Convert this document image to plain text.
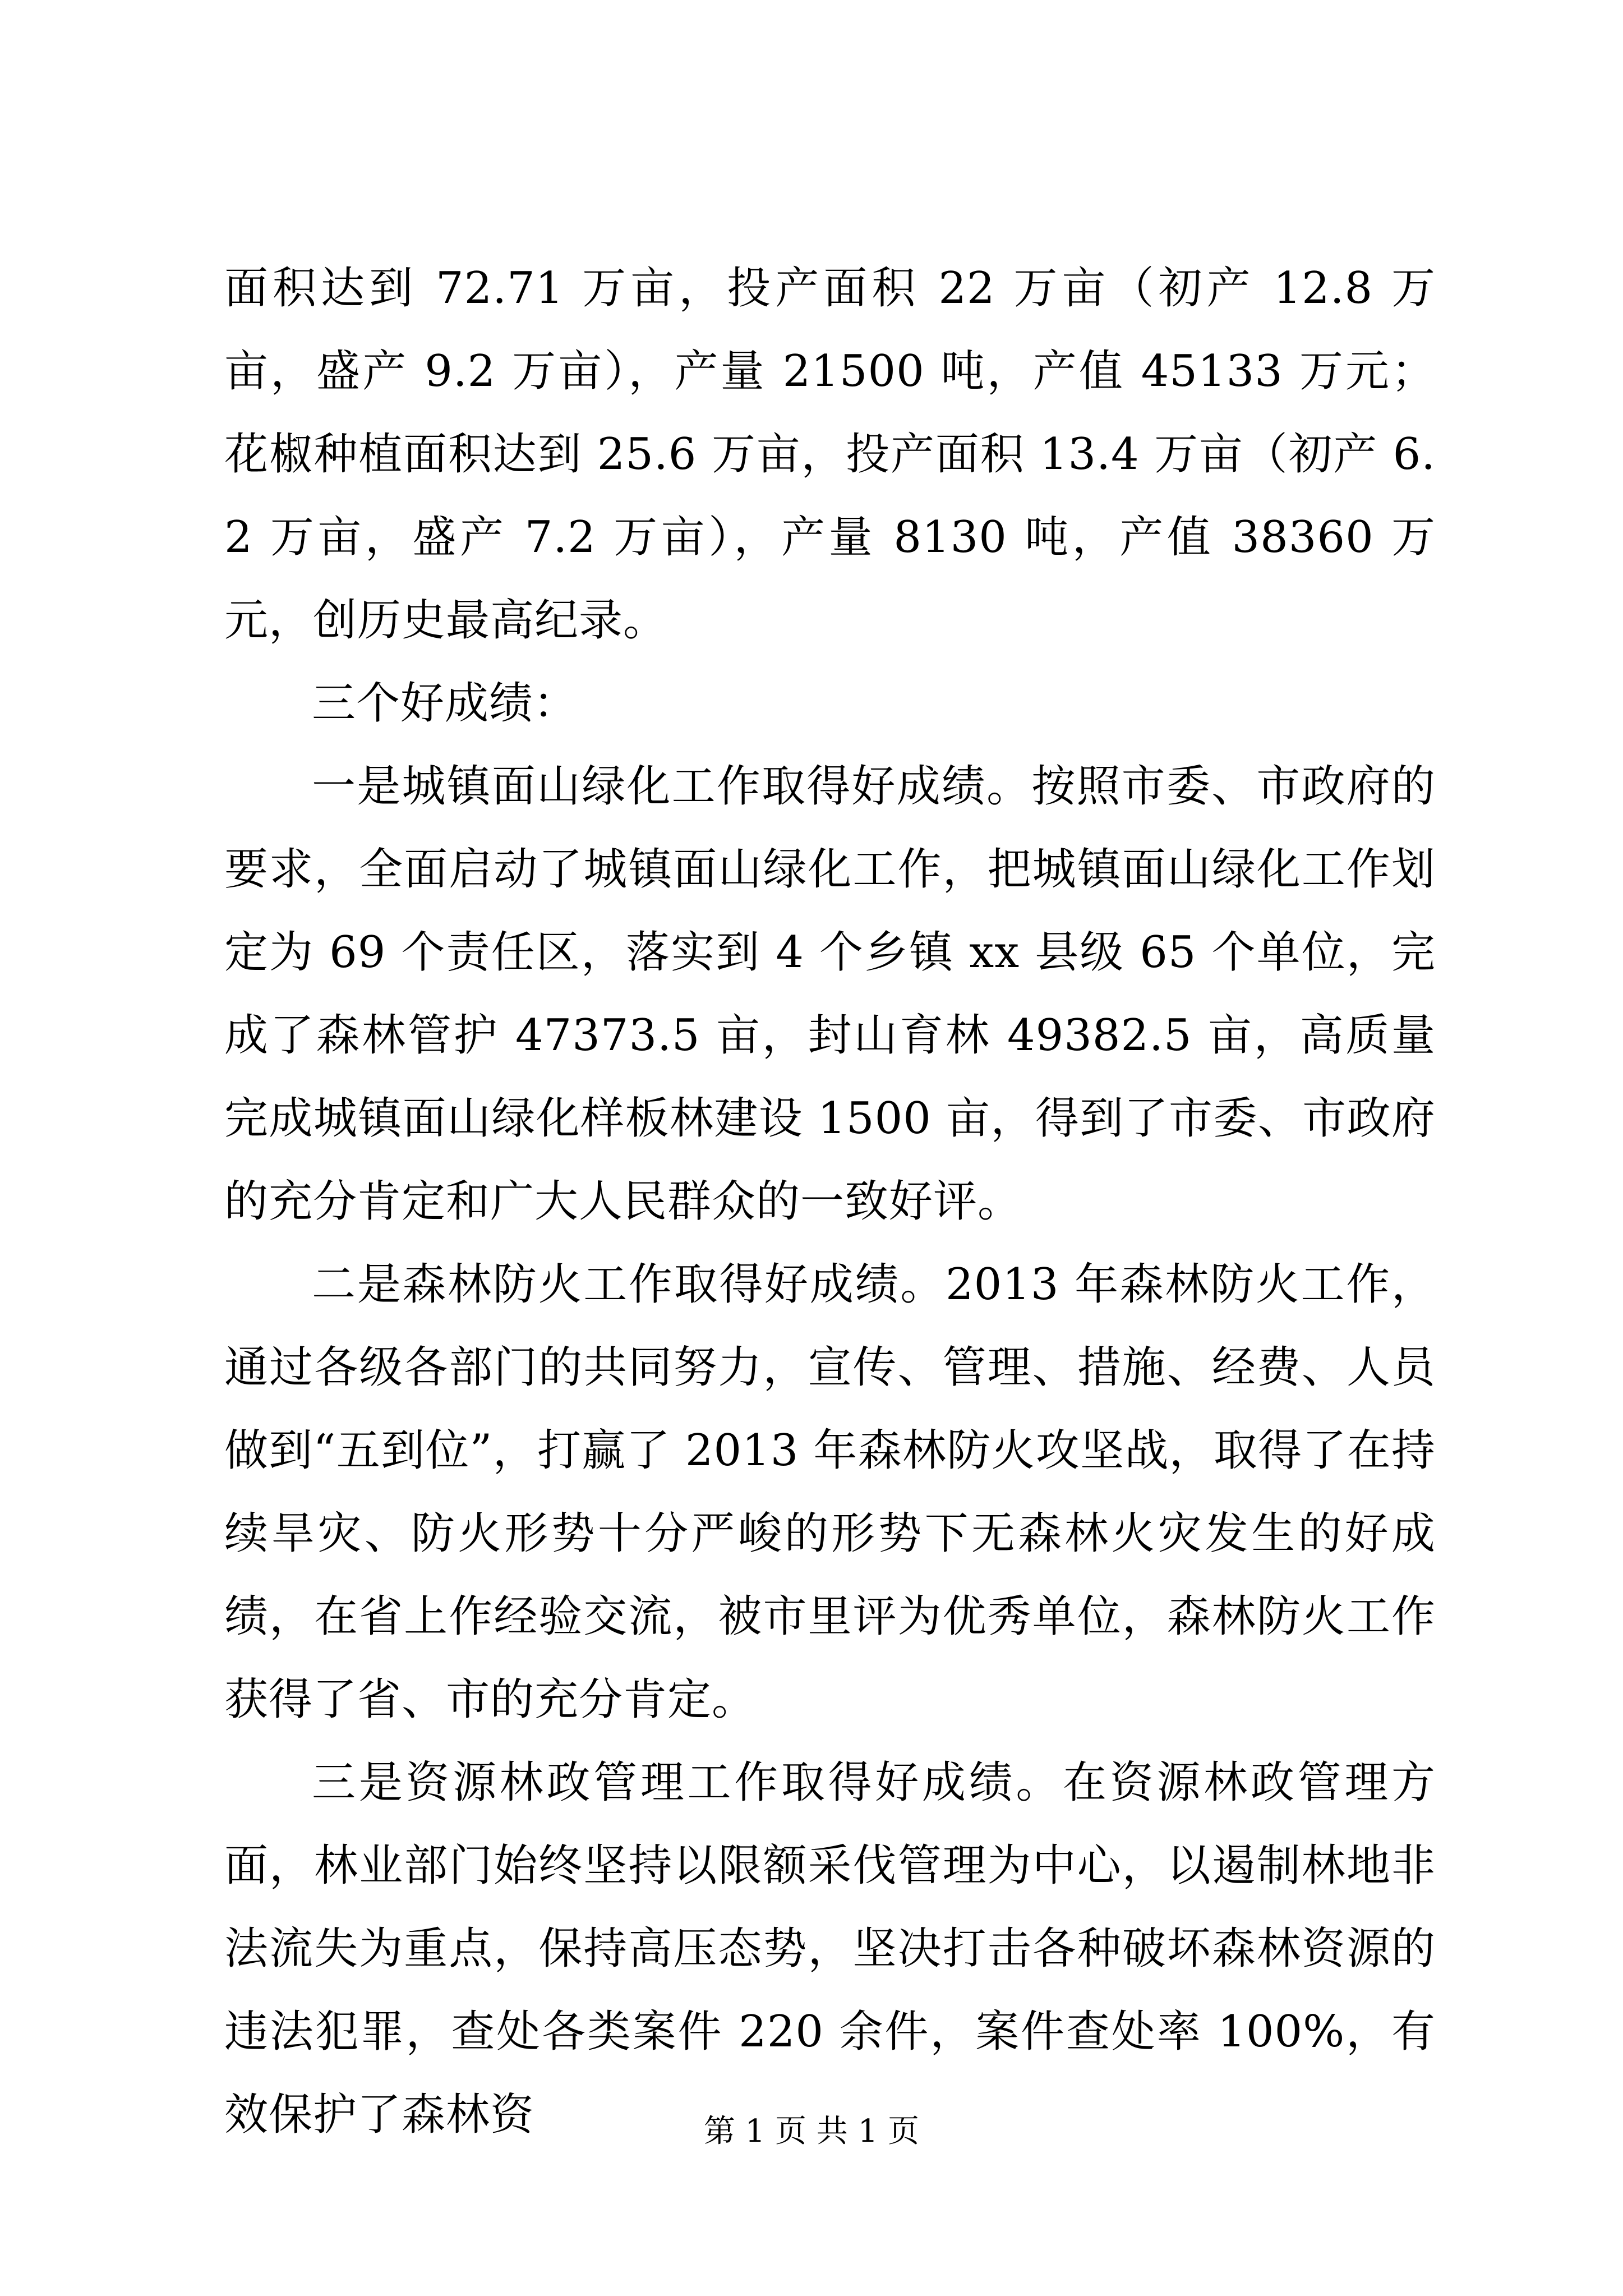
面积达到 72.71 万亩，投产面积 22 万亩（初产 12.8 万亩，盛产 9.2 万亩），产量 21500 吨，产值 45133 万元；花椒种植面积达到 25.6 万亩，投产面积 13.4 万亩（初产 6.2 万亩，盛产 7.2 万亩），产量 8130 吨，产值 38360 万元，创历史最高纪录。

三个好成绩：

一是城镇面山绿化工作取得好成绩。按照市委、市政府的要求，全面启动了城镇面山绿化工作，把城镇面山绿化工作划定为 69 个责任区，落实到 4 个乡镇 xx 县级 65 个单位，完成了森林管护 47373.5 亩，封山育林 49382.5 亩，高质量完成城镇面山绿化样板林建设 1500 亩，得到了市委、市政府的充分肯定和广大人民群众的一致好评。

二是森林防火工作取得好成绩。2013 年森林防火工作，通过各级各部门的共同努力，宣传、管理、措施、经费、人员做到“五到位”，打赢了 2013 年森林防火攻坚战，取得了在持续旱灾、防火形势十分严峻的形势下无森林火灾发生的好成绩，在省上作经验交流，被市里评为优秀单位，森林防火工作获得了省、市的充分肯定。

三是资源林政管理工作取得好成绩。在资源林政管理方面，林业部门始终坚持以限额采伐管理为中心，以遏制林地非法流失为重点，保持高压态势，坚决打击各种破坏森林资源的违法犯罪，查处各类案件 220 余件，案件查处率 100%，有效保护了森林资	第 1 页 共 1 页
